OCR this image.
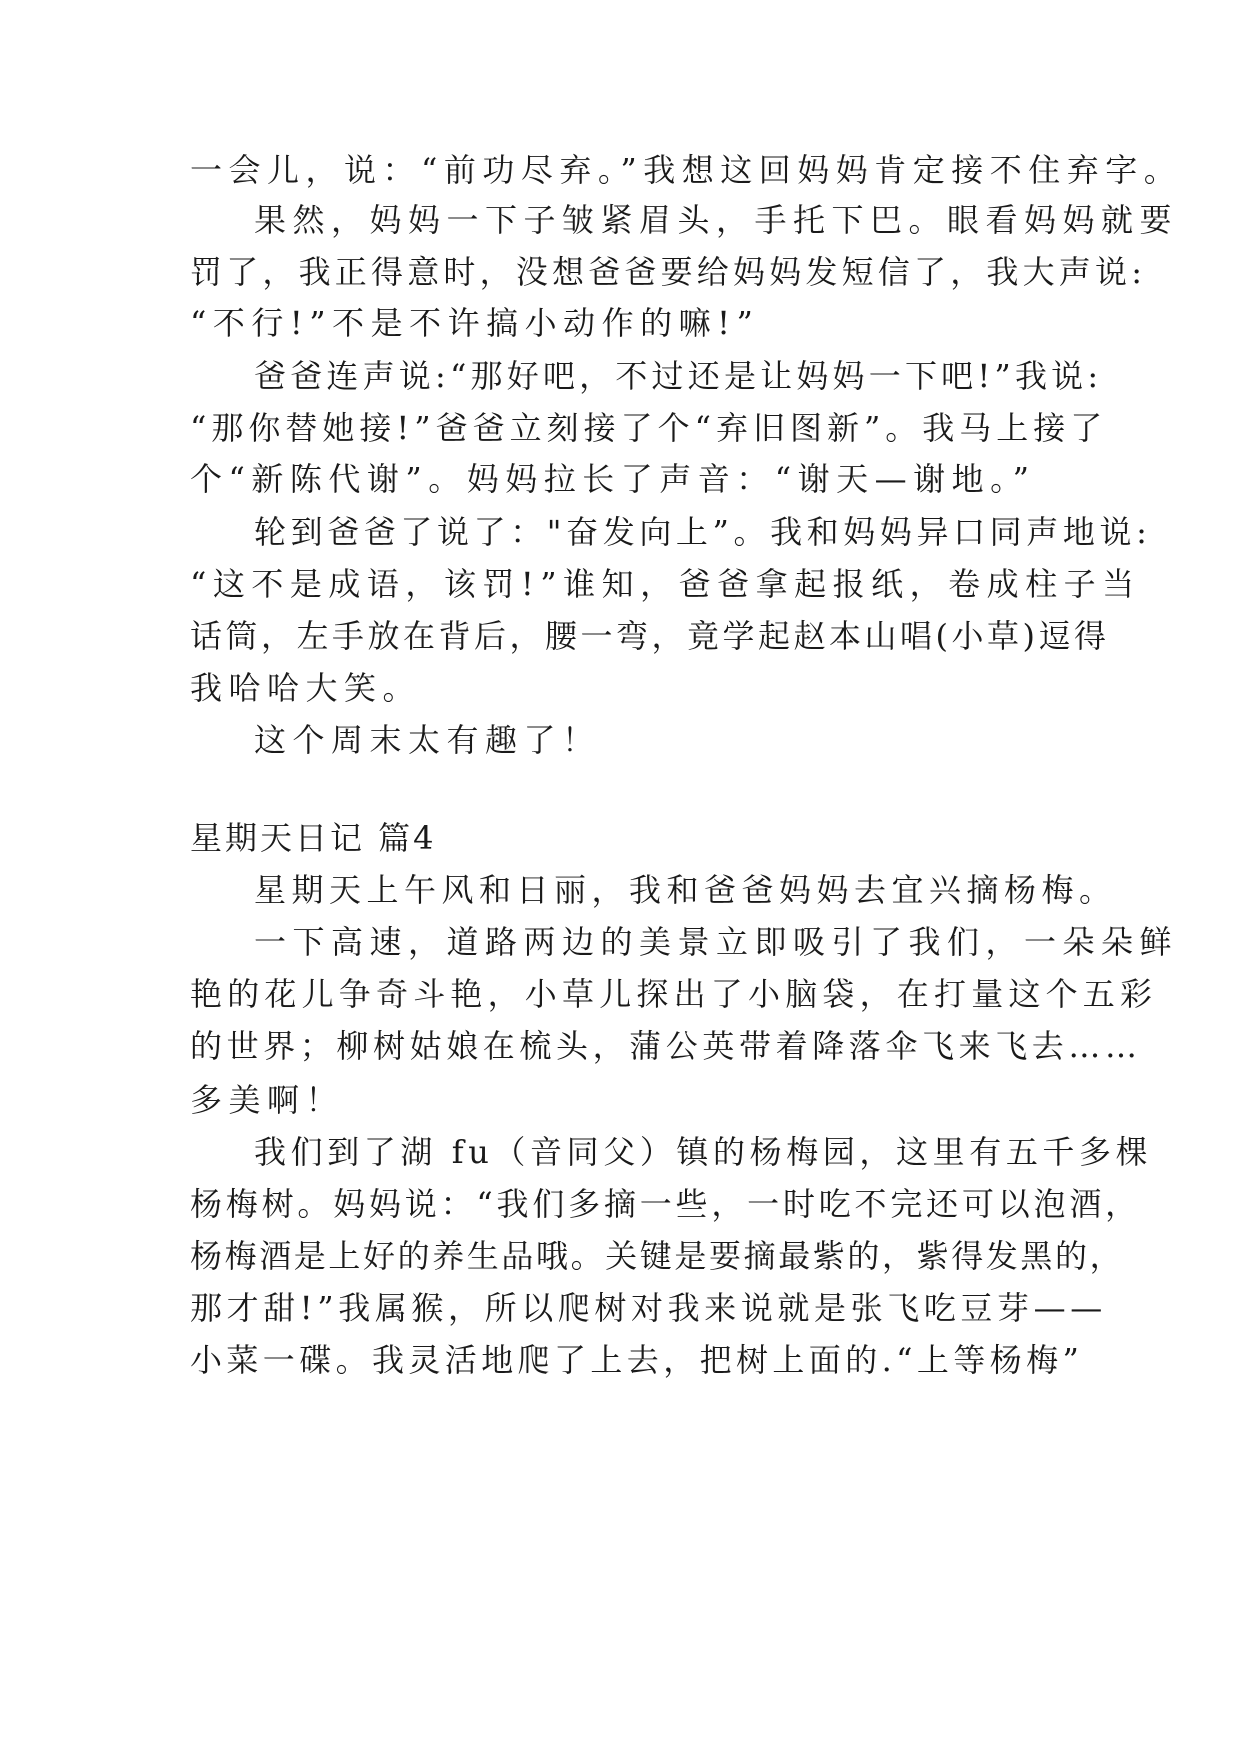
一会儿，说：“前功尽弃。”我想这回妈妈肯定接不住弃字。
果然，妈妈一下子皱紧眉头，手托下巴。眼看妈妈就要
罚了，我正得意时，没想爸爸要给妈妈发短信了，我大声说:
“不行!”不是不许搞小动作的嘛!”
爸爸连声说:“那好吧，不过还是让妈妈一下吧!”我说:
“那你替她接!”爸爸立刻接了个“弃旧图新”。我马上接了
个“新陈代谢”。妈妈拉长了声音：“谢天—谢地。”
轮到爸爸了说了："奋发向上”。我和妈妈异口同声地说:
“这不是成语，该罚!”谁知，爸爸拿起报纸，卷成柱子当
话筒，左手放在背后，腰一弯，竟学起赵本山唱(小草)逗得
我哈哈大笑。
这个周末太有趣了！
星期天日记 篇4
星期天上午风和日丽，我和爸爸妈妈去宜兴摘杨梅。
一下高速，道路两边的美景立即吸引了我们，一朵朵鲜
艳的花儿争奇斗艳，小草儿探出了小脑袋，在打量这个五彩
的世界；柳树姑娘在梳头，蒲公英带着降落伞飞来飞去……
多美啊！
我们到了湖 fu（音同父）镇的杨梅园，这里有五千多棵
杨梅树。妈妈说：“我们多摘一些，一时吃不完还可以泡酒，
杨梅酒是上好的养生品哦。关键是要摘最紫的，紫得发黑的，
那才甜!”我属猴，所以爬树对我来说就是张飞吃豆芽——
小菜一碟。我灵活地爬了上去，把树上面的.“上等杨梅”
